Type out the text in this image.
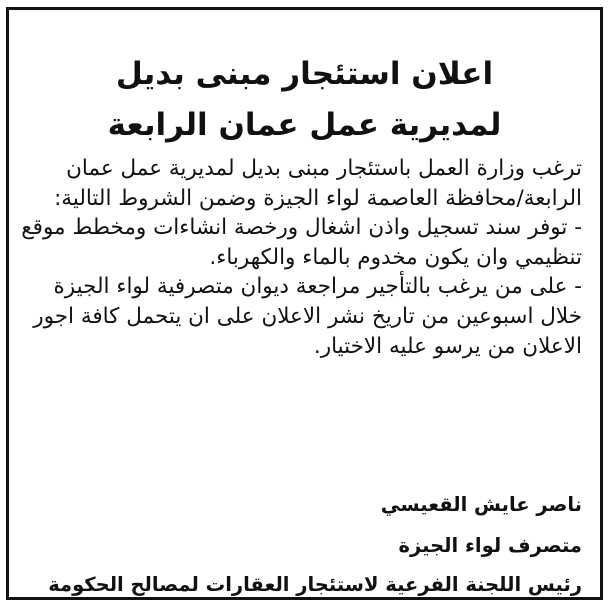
اعلان استئجار مبنى بديل
لمديرية عمل عمان الرابعة
ترغب وزارة العمل باستئجار مبنى بديل لمديرية عمل عمان الرابعة/محافظة العاصمة لواء الجيزة وضمن الشروط التالية:
- توفر سند تسجيل واذن اشغال ورخصة انشاءات ومخطط موقع تنظيمي وان يكون مخدوم بالماء والكهرباء.
- على من يرغب بالتأجير مراجعة ديوان متصرفية لواء الجيزة خلال اسبوعين من تاريخ نشر الاعلان على ان يتحمل كافة اجور الاعلان من يرسو عليه الاختيار.

ناصر عايش القعيسي

متصرف لواء الجيزة

رئيس اللجنة الفرعية لاستئجار العقارات لمصالح الحكومة
